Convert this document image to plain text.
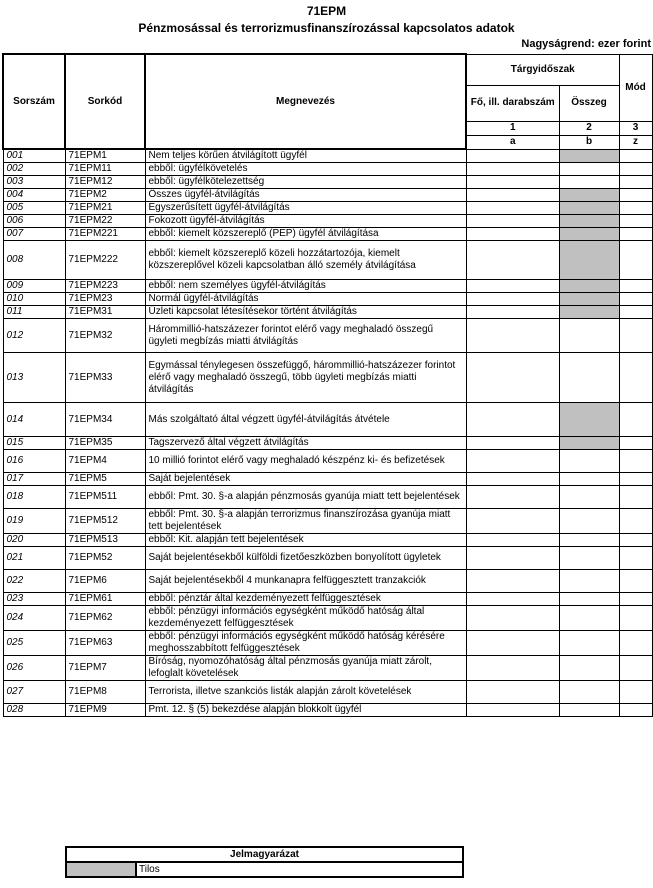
71EPM
Pénzmosással és terrorizmusfinanszírozással kapcsolatos adatok
Nagyságrend: ezer forint
Sorszám	Sorkód	Megnevezés	Tárgyidőszak		Mód
			Fő, ill. darabszám	Összeg	
			1	2	3
			a	b	z
001	71EPM1	Nem teljes körűen átvilágított ügyfél			
002	71EPM11	ebből: ügyfélkövetelés			
003	71EPM12	ebből: ügyfélkötelezettség			
004	71EPM2	Összes ügyfél-átvilágítás			
005	71EPM21	Egyszerűsített ügyfél-átvilágítás			
006	71EPM22	Fokozott ügyfél-átvilágítás			
007	71EPM221	ebből: kiemelt közszereplő (PEP) ügyfél átvilágítása			
008	71EPM222	ebből: kiemelt közszereplő közeli hozzátartozója, kiemelt közszereplővel közeli kapcsolatban álló személy átvilágítása			
009	71EPM223	ebből: nem személyes ügyfél-átvilágítás			
010	71EPM23	Normál ügyfél-átvilágítás			
011	71EPM31	Üzleti kapcsolat létesítésekor történt átvilágítás			
012	71EPM32	Hárommillió-hatszázezer forintot elérő vagy meghaladó összegű ügyleti megbízás miatti átvilágítás			
013	71EPM33	Egymással ténylegesen összefüggő, hárommillió-hatszázezer forintot elérő vagy meghaladó összegű, több ügyleti megbízás miatti átvilágítás			
014	71EPM34	Más szolgáltató által végzett ügyfél-átvilágítás átvétele			
015	71EPM35	Tagszervező által végzett átvilágítás			
016	71EPM4	10 millió forintot elérő vagy meghaladó készpénz ki- és befizetések			
017	71EPM5	Saját bejelentések			
018	71EPM511	ebből: Pmt. 30. §-a alapján pénzmosás gyanúja miatt tett bejelentések			
019	71EPM512	ebből: Pmt. 30. §-a alapján terrorizmus finanszírozása gyanúja miatt tett bejelentések			
020	71EPM513	ebből: Kit. alapján tett bejelentések			
021	71EPM52	Saját bejelentésekből külföldi fizetőeszközben bonyolított ügyletek			
022	71EPM6	Saját bejelentésekből 4 munkanapra felfüggesztett tranzakciók			
023	71EPM61	ebből: pénztár által kezdeményezett felfüggesztések			
024	71EPM62	ebből: pénzügyi információs egységként működő hatóság által kezdeményezett felfüggesztések			
025	71EPM63	ebből: pénzügyi információs egységként működő hatóság kérésére meghosszabbított felfüggesztések			
026	71EPM7	Bíróság, nyomozóhatóság által pénzmosás gyanúja miatt zárolt, lefoglalt követelések			
027	71EPM8	Terrorista, illetve szankciós listák alapján zárolt követelések			
028	71EPM9	Pmt. 12. § (5) bekezdése alapján blokkolt ügyfél			
Jelmagyarázat
	Tilos
